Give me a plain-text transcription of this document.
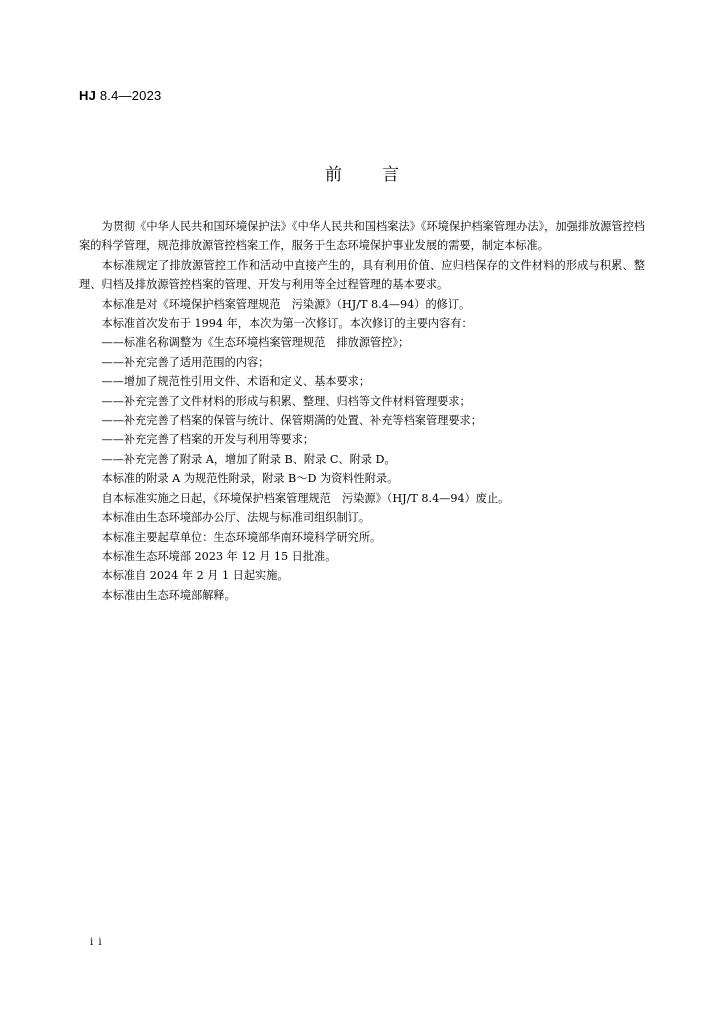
HJ 8.4—2023
前 言

为贯彻《中华人民共和国环境保护法》《中华人民共和国档案法》《环境保护档案管理办法》，加强排放源管控档案的科学管理，规范排放源管控档案工作，服务于生态环境保护事业发展的需要，制定本标准。

本标准规定了排放源管控工作和活动中直接产生的，具有利用价值、应归档保存的文件材料的形成与积累、整理、归档及排放源管控档案的管理、开发与利用等全过程管理的基本要求。

本标准是对《环境保护档案管理规范　污染源》（HJ/T 8.4—94）的修订。

本标准首次发布于 1994 年，本次为第一次修订。本次修订的主要内容有：

——标准名称调整为《生态环境档案管理规范　排放源管控》；

——补充完善了适用范围的内容；

——增加了规范性引用文件、术语和定义、基本要求；

——补充完善了文件材料的形成与积累、整理、归档等文件材料管理要求；

——补充完善了档案的保管与统计、保管期满的处置、补充等档案管理要求；

——补充完善了档案的开发与利用等要求；

——补充完善了附录 A，增加了附录 B、附录 C、附录 D。

本标准的附录 A 为规范性附录，附录 B～D 为资料性附录。

自本标准实施之日起，《环境保护档案管理规范　污染源》（HJ/T 8.4—94）废止。

本标准由生态环境部办公厅、法规与标准司组织制订。

本标准主要起草单位：生态环境部华南环境科学研究所。

本标准生态环境部 2023 年 12 月 15 日批准。

本标准自 2024 年 2 月 1 日起实施。

本标准由生态环境部解释。

i i
